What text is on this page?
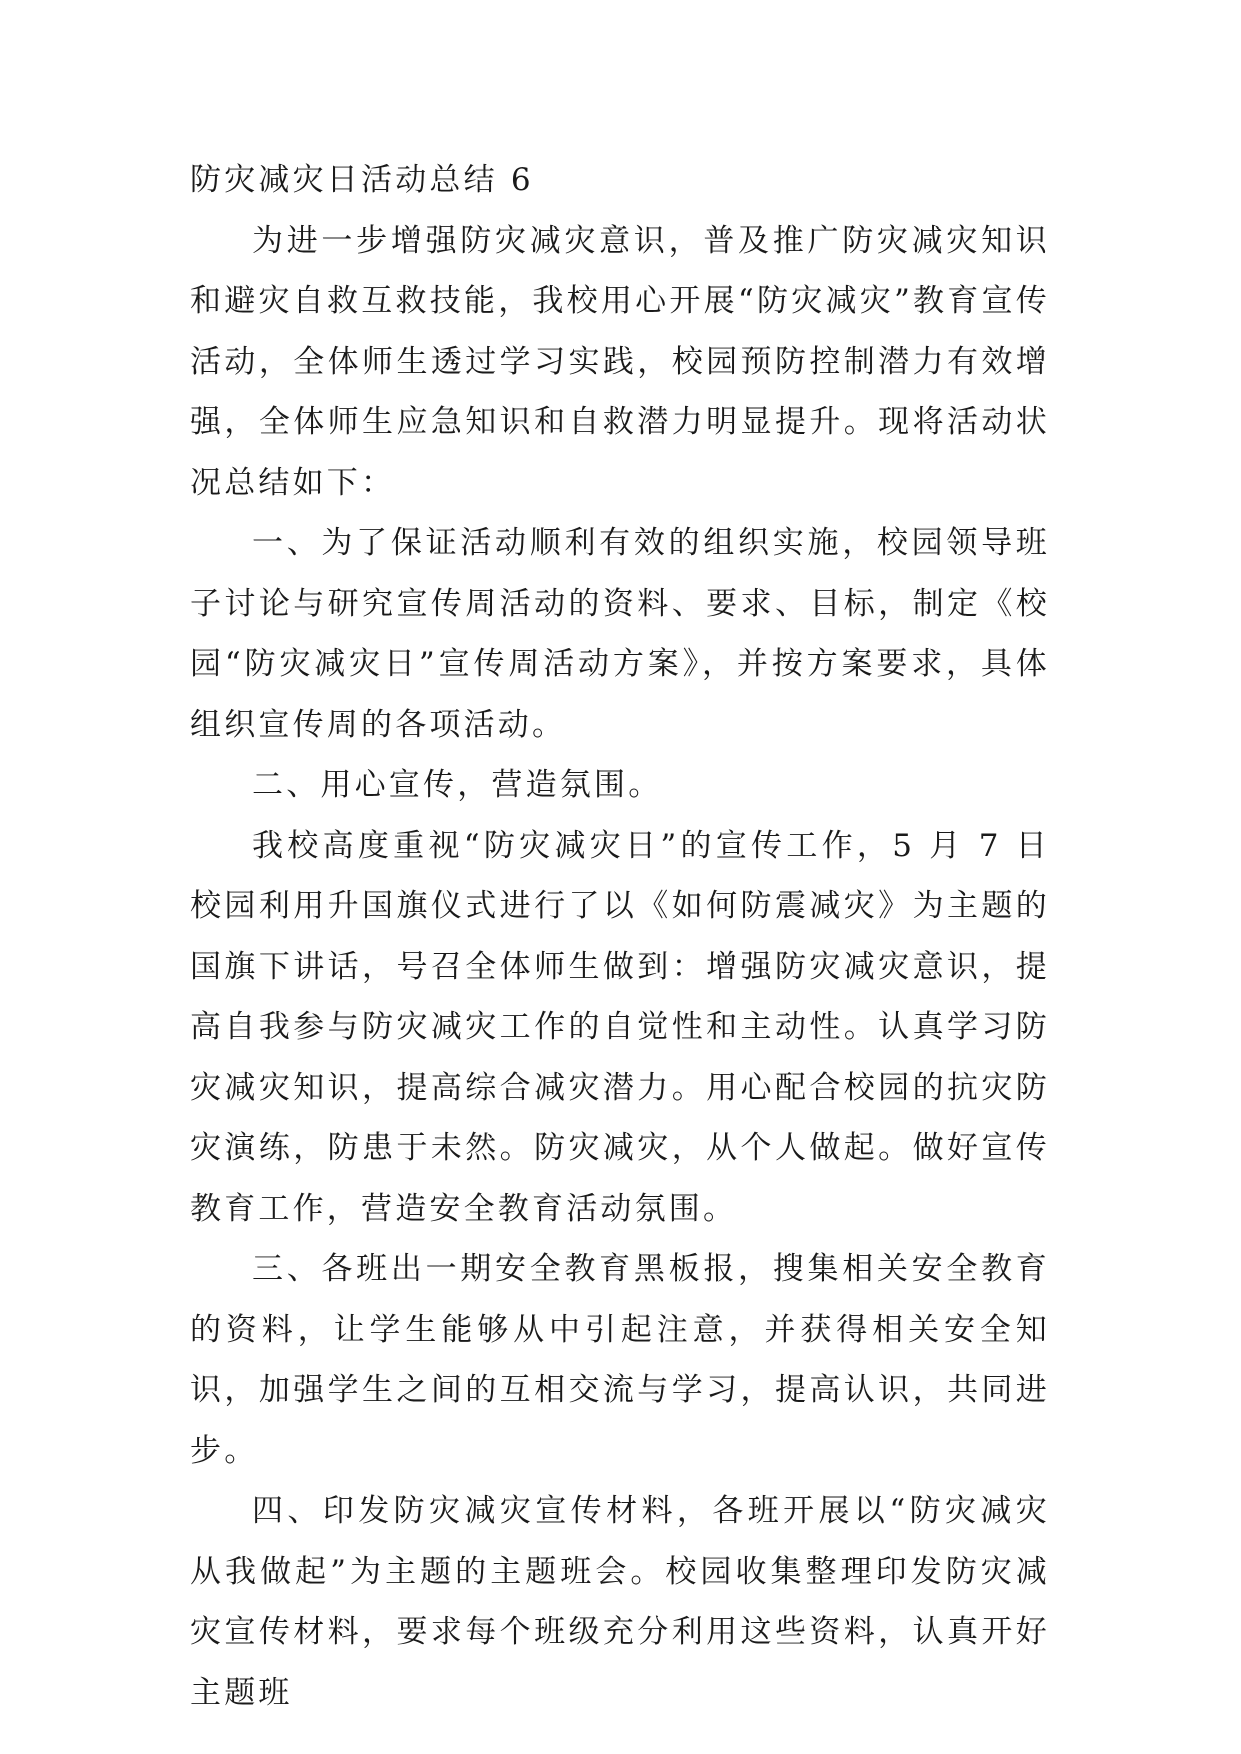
防灾减灾日活动总结 6

为进一步增强防灾减灾意识，普及推广防灾减灾知识和避灾自救互救技能，我校用心开展“防灾减灾”教育宣传活动，全体师生透过学习实践，校园预防控制潜力有效增强，全体师生应急知识和自救潜力明显提升。现将活动状况总结如下：

一、为了保证活动顺利有效的组织实施，校园领导班子讨论与研究宣传周活动的资料、要求、目标，制定《校园“防灾减灾日”宣传周活动方案》，并按方案要求，具体组织宣传周的各项活动。

二、用心宣传，营造氛围。

我校高度重视“防灾减灾日”的宣传工作，5 月 7 日校园利用升国旗仪式进行了以《如何防震减灾》为主题的国旗下讲话，号召全体师生做到：增强防灾减灾意识，提高自我参与防灾减灾工作的自觉性和主动性。认真学习防灾减灾知识，提高综合减灾潜力。用心配合校园的抗灾防灾演练，防患于未然。防灾减灾，从个人做起。做好宣传教育工作，营造安全教育活动氛围。

三、各班出一期安全教育黑板报，搜集相关安全教育的资料，让学生能够从中引起注意，并获得相关安全知识，加强学生之间的互相交流与学习，提高认识，共同进步。

四、印发防灾减灾宣传材料，各班开展以“防灾减灾从我做起”为主题的主题班会。校园收集整理印发防灾减灾宣传材料，要求每个班级充分利用这些资料，认真开好主题班
